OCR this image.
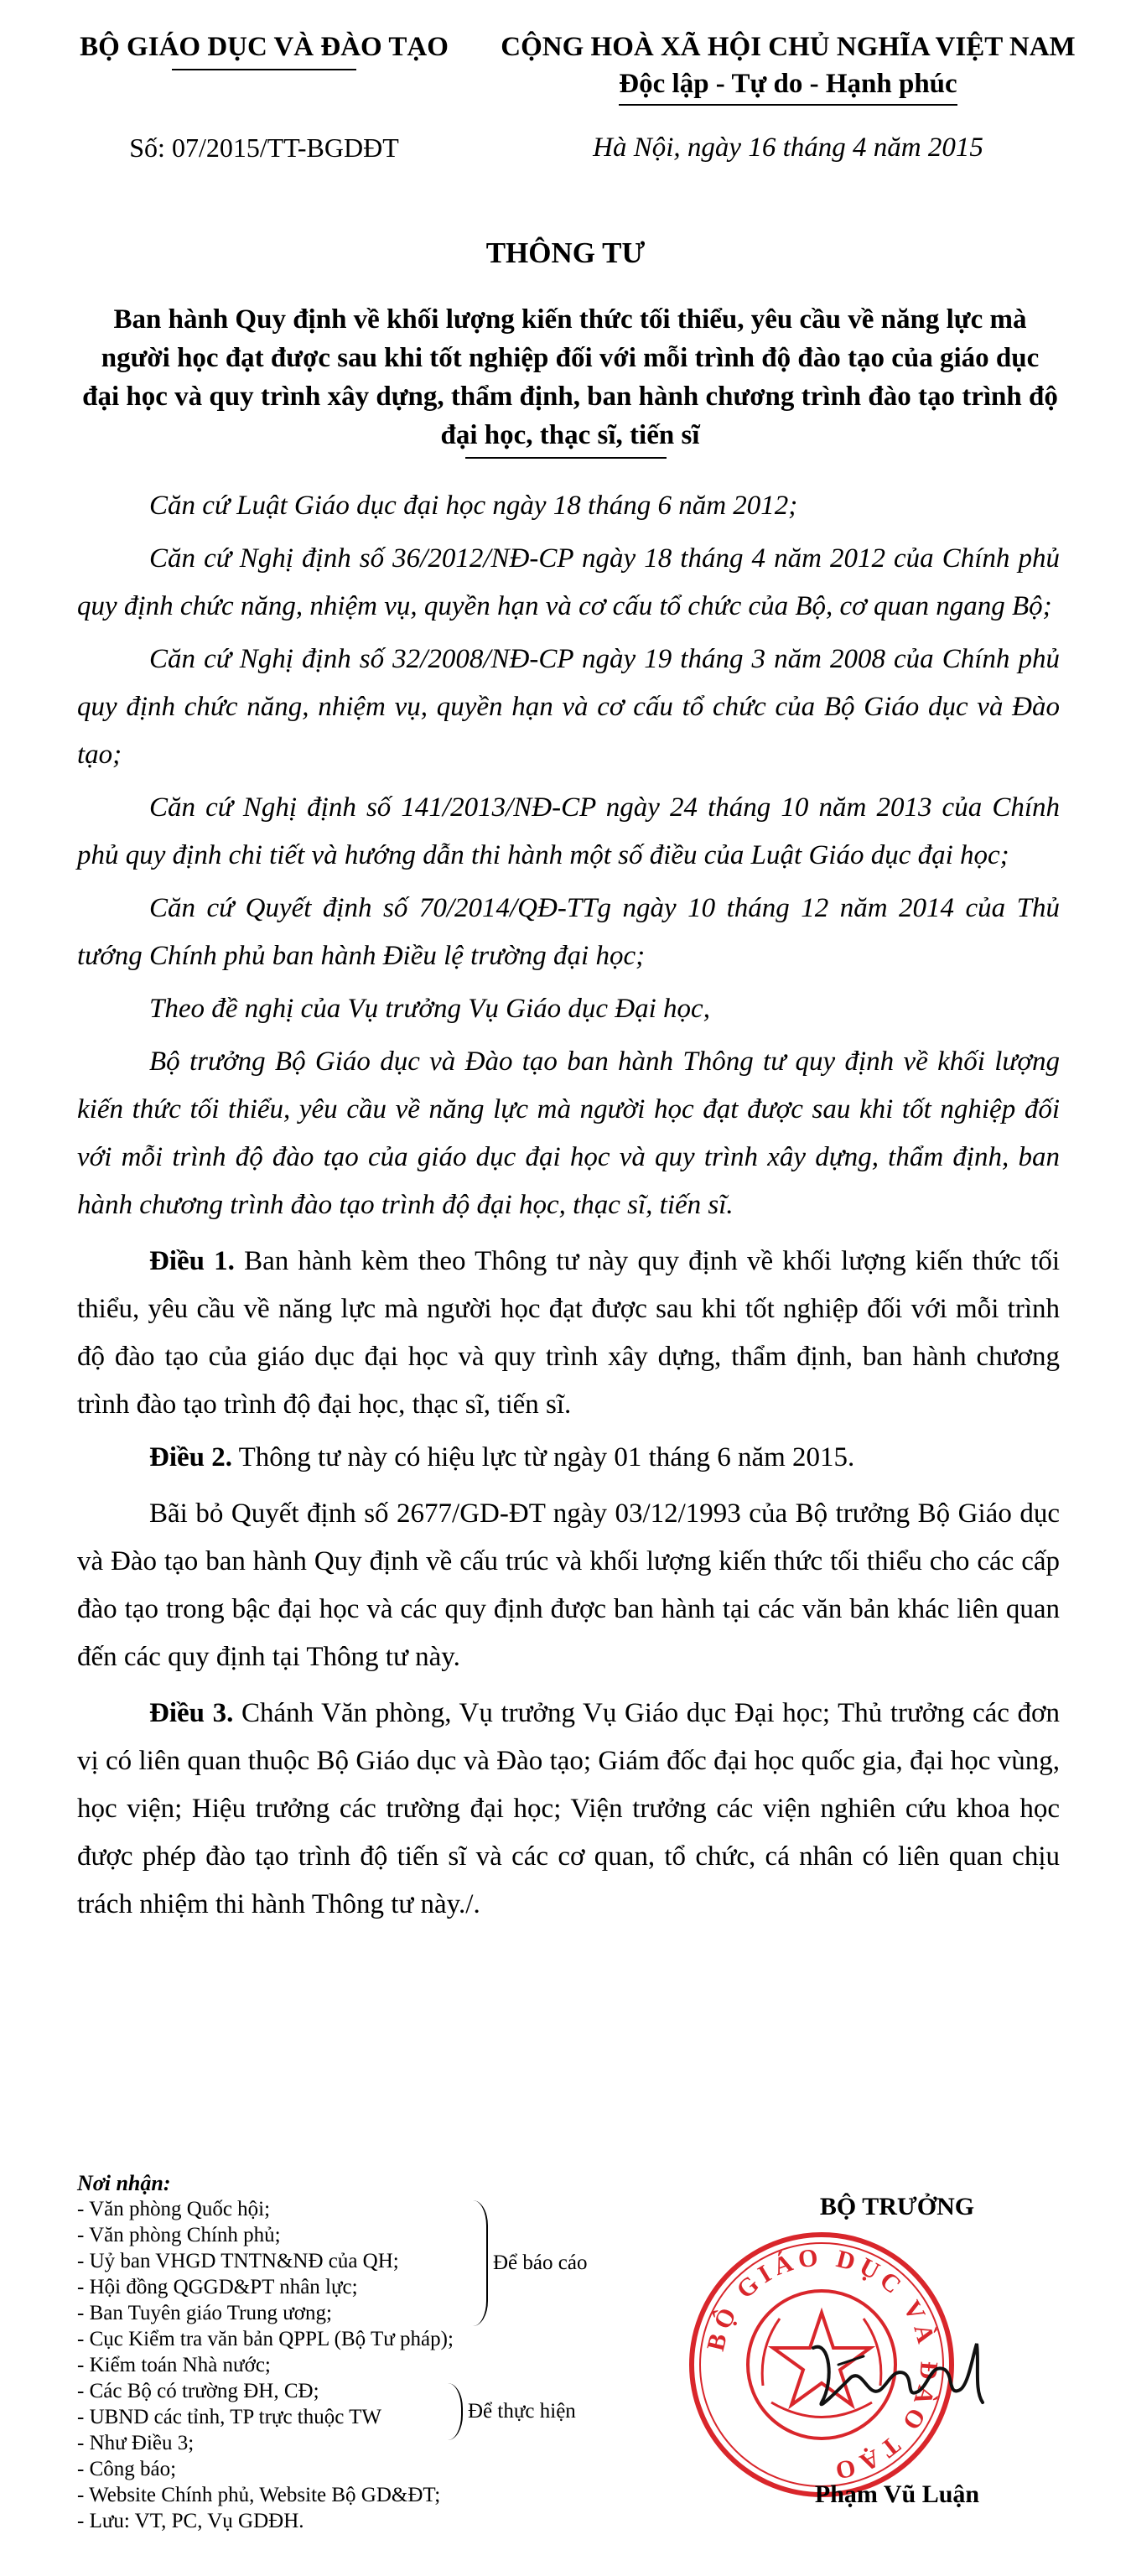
BỘ GIÁO DỤC VÀ ĐÀO TẠO	CỘNG HOÀ XÃ HỘI CHỦ NGHĨA VIỆT NAM
Độc lập - Tự do - Hạnh phúc
Số: 07/2015/TT-BGDĐT	Hà Nội, ngày 16 tháng 4 năm 2015
THÔNG TƯ
Ban hành Quy định về khối lượng kiến thức tối thiểu, yêu cầu về năng lực mà người học đạt được sau khi tốt nghiệp đối với mỗi trình độ đào tạo của giáo dục đại học và quy trình xây dựng, thẩm định, ban hành chương trình đào tạo trình độ đại học, thạc sĩ, tiến sĩ

Căn cứ Luật Giáo dục đại học ngày 18 tháng 6 năm 2012;

Căn cứ Nghị định số 36/2012/NĐ-CP ngày 18 tháng 4 năm 2012 của Chính phủ quy định chức năng, nhiệm vụ, quyền hạn và cơ cấu tổ chức của Bộ, cơ quan ngang Bộ;

Căn cứ Nghị định số 32/2008/NĐ-CP ngày 19 tháng 3 năm 2008 của Chính phủ quy định chức năng, nhiệm vụ, quyền hạn và cơ cấu tổ chức của Bộ Giáo dục và Đào tạo;

Căn cứ Nghị định số 141/2013/NĐ-CP ngày 24 tháng 10 năm 2013 của Chính phủ quy định chi tiết và hướng dẫn thi hành một số điều của Luật Giáo dục đại học;

Căn cứ Quyết định số 70/2014/QĐ-TTg ngày 10 tháng 12 năm 2014 của Thủ tướng Chính phủ ban hành Điều lệ trường đại học;

Theo đề nghị của Vụ trưởng Vụ Giáo dục Đại học,

Bộ trưởng Bộ Giáo dục và Đào tạo ban hành Thông tư quy định về khối lượng kiến thức tối thiểu, yêu cầu về năng lực mà người học đạt được sau khi tốt nghiệp đối với mỗi trình độ đào tạo của giáo dục đại học và quy trình xây dựng, thẩm định, ban hành chương trình đào tạo trình độ đại học, thạc sĩ, tiến sĩ.

Điều 1. Ban hành kèm theo Thông tư này quy định về khối lượng kiến thức tối thiểu, yêu cầu về năng lực mà người học đạt được sau khi tốt nghiệp đối với mỗi trình độ đào tạo của giáo dục đại học và quy trình xây dựng, thẩm định, ban hành chương trình đào tạo trình độ đại học, thạc sĩ, tiến sĩ.

Điều 2. Thông tư này có hiệu lực từ ngày 01 tháng 6 năm 2015.

Bãi bỏ Quyết định số 2677/GD-ĐT ngày 03/12/1993 của Bộ trưởng Bộ Giáo dục và Đào tạo ban hành Quy định về cấu trúc và khối lượng kiến thức tối thiểu cho các cấp đào tạo trong bậc đại học và các quy định được ban hành tại các văn bản khác liên quan đến các quy định tại Thông tư này.

Điều 3. Chánh Văn phòng, Vụ trưởng Vụ Giáo dục Đại học; Thủ trưởng các đơn vị có liên quan thuộc Bộ Giáo dục và Đào tạo; Giám đốc đại học quốc gia, đại học vùng, học viện; Hiệu trưởng các trường đại học; Viện trưởng các viện nghiên cứu khoa học được phép đào tạo trình độ tiến sĩ và các cơ quan, tổ chức, cá nhân có liên quan chịu trách nhiệm thi hành Thông tư này./.

Nơi nhận:
- Văn phòng Quốc hội;
- Văn phòng Chính phủ;
- Uỷ ban VHGD TNTN&NĐ của QH;
- Hội đồng QGGD&PT nhân lực;
- Ban Tuyên giáo Trung ương;
- Cục Kiểm tra văn bản QPPL (Bộ Tư pháp);
- Kiểm toán Nhà nước;
- Các Bộ có trường ĐH, CĐ;
- UBND các tỉnh, TP trực thuộc TW
- Như Điều 3;
- Công báo;
- Website Chính phủ, Website Bộ GD&ĐT;
- Lưu: VT, PC, Vụ GDĐH.
Để báo cáo
Để thực hiện
BỘ TRƯỞNG
BỘ GIÁO DỤC VÀ ĐÀO TẠO
Phạm Vũ Luận
